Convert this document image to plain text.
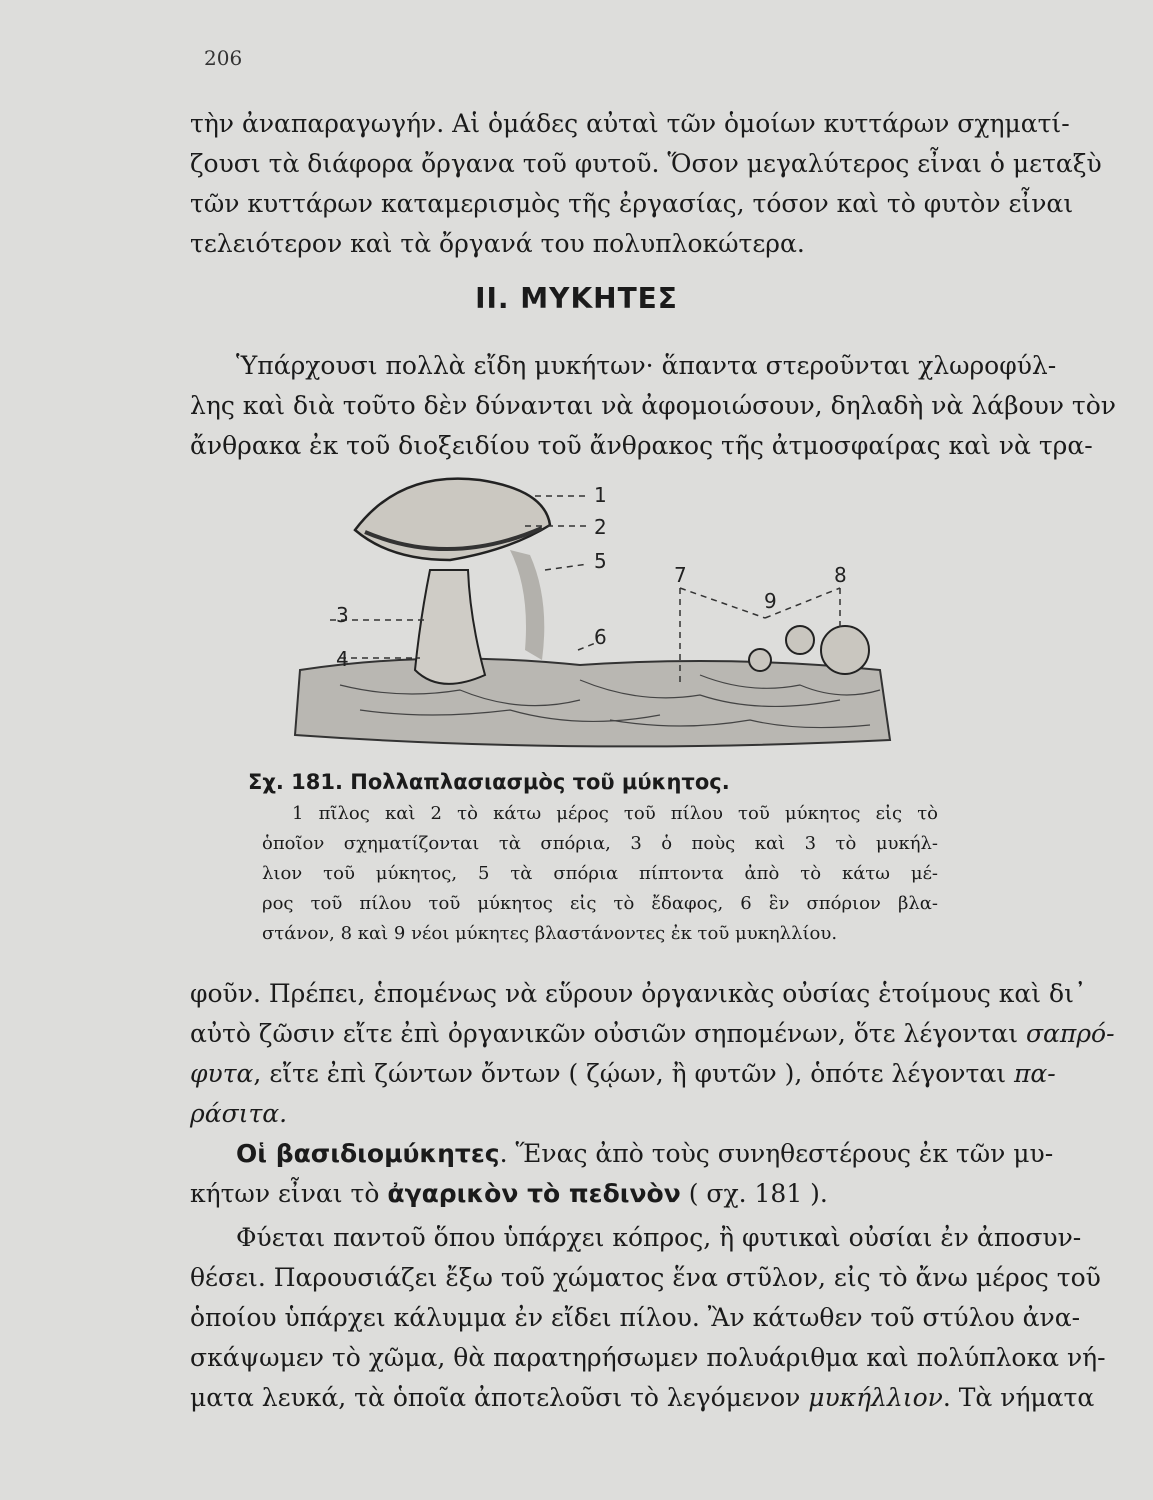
206
τὴν ἀναπαραγωγήν. Αἱ ὁμάδες αὐταὶ τῶν ὁμοίων κυττάρων σχηματί-
ζουσι τὰ διάφορα ὄργανα τοῦ φυτοῦ. Ὅσον μεγαλύτερος εἶναι ὁ μεταξὺ
τῶν κυττάρων καταμερισμὸς τῆς ἐργασίας, τόσον καὶ τὸ φυτὸν εἶναι
τελειότερον καὶ τὰ ὄργανά του πολυπλοκώτερα.
ΙΙ. ΜΥΚΗΤΕΣ
Ὑπάρχουσι πολλὰ εἴδη μυκήτων· ἅπαντα στεροῦνται χλωροφύλ-
λης καὶ διὰ τοῦτο δὲν δύνανται νὰ ἀφομοιώσουν, δηλαδὴ νὰ λάβουν τὸν
ἄνθρακα ἐκ τοῦ διοξειδίου τοῦ ἄνθρακος τῆς ἀτμοσφαίρας καὶ νὰ τρα-
1
2
3
4
5
6
7	8
9
Σχ. 181. Πολλαπλασιασμὸς τοῦ μύκητος.
1 πῖλος καὶ 2 τὸ κάτω μέρος τοῦ πίλου τοῦ μύκητος εἰς τὸ
ὁποῖον σχηματίζονται τὰ σπόρια, 3 ὁ ποὺς καὶ 3 τὸ μυκήλ-
λιον τοῦ μύκητος, 5 τὰ σπόρια πίπτοντα ἀπὸ τὸ κάτω μέ-
ρος τοῦ πίλου τοῦ μύκητος εἰς τὸ ἔδαφος, 6 ἓν σπόριον βλα-
στάνον, 8 καὶ 9 νέοι μύκητες βλαστάνοντες ἐκ τοῦ μυκηλλίου.
φοῦν. Πρέπει, ἑπομένως νὰ εὕρουν ὀργανικὰς οὐσίας ἑτοίμους καὶ δι᾿
αὐτὸ ζῶσιν εἴτε ἐπὶ ὀργανικῶν οὐσιῶν σηπομένων, ὅτε λέγονται σαπρό-
φυτα, εἴτε ἐπὶ ζώντων ὄντων ( ζῴων, ἢ φυτῶν ), ὁπότε λέγονται πα-
ράσιτα.
Οἱ βασιδιομύκητες. Ἕνας ἀπὸ τοὺς συνηθεστέρους ἐκ τῶν μυ-
κήτων εἶναι τὸ ἀγαρικὸν τὸ πεδινὸν ( σχ. 181 ).
Φύεται παντοῦ ὅπου ὑπάρχει κόπρος, ἢ φυτικαὶ οὐσίαι ἐν ἀποσυν-
θέσει. Παρουσιάζει ἔξω τοῦ χώματος ἕνα στῦλον, εἰς τὸ ἄνω μέρος τοῦ
ὁποίου ὑπάρχει κάλυμμα ἐν εἴδει πίλου. Ἂν κάτωθεν τοῦ στύλου ἀνα-
σκάψωμεν τὸ χῶμα, θὰ παρατηρήσωμεν πολυάριθμα καὶ πολύπλοκα νή-
ματα λευκά, τὰ ὁποῖα ἀποτελοῦσι τὸ λεγόμενον μυκήλλιον. Τὰ νήματα
